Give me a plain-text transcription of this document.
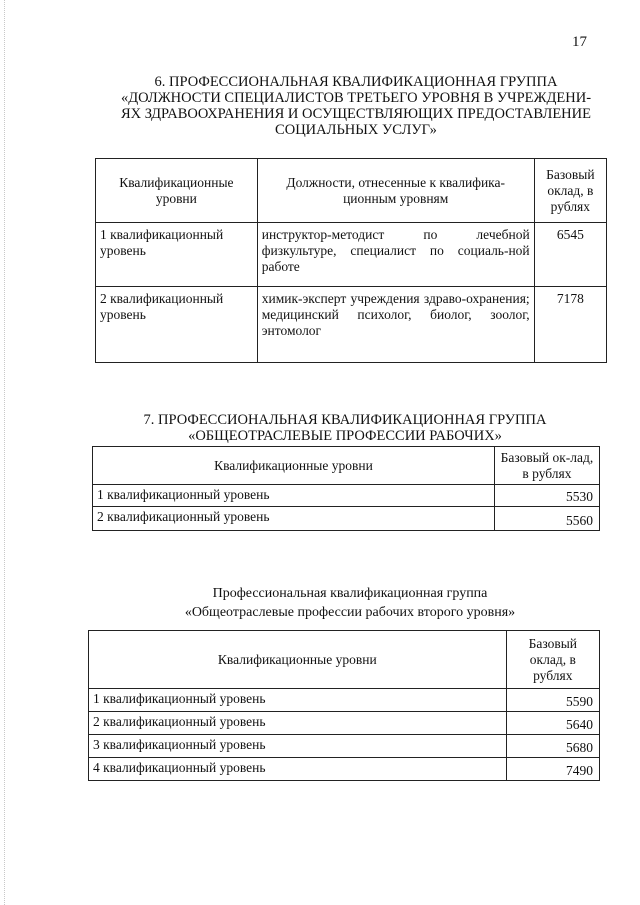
17
6. ПРОФЕССИОНАЛЬНАЯ КВАЛИФИКАЦИОННАЯ ГРУППА
«ДОЛЖНОСТИ СПЕЦИАЛИСТОВ ТРЕТЬЕГО УРОВНЯ В УЧРЕЖДЕНИ-
ЯХ ЗДРАВООХРАНЕНИЯ И ОСУЩЕСТВЛЯЮЩИХ ПРЕДОСТАВЛЕНИЕ
СОЦИАЛЬНЫХ УСЛУГ»
Квалификационные уровни	Должности, отнесенные к квалифика-ционным уровням	Базовый оклад, в рублях
1 квалификационный уровень	инструктор-методист по лечебной физкультуре, специалист по социаль-ной работе	6545
2 квалификационный уровень	химик-эксперт учреждения здраво-охранения; медицинский психолог, биолог, зоолог, энтомолог	7178
7. ПРОФЕССИОНАЛЬНАЯ КВАЛИФИКАЦИОННАЯ ГРУППА
«ОБЩЕОТРАСЛЕВЫЕ ПРОФЕССИИ РАБОЧИХ»
Квалификационные уровни	Базовый ок-лад, в рублях
1 квалификационный уровень	5530
2 квалификационный уровень	5560
Профессиональная квалификационная группа
«Общеотраслевые профессии рабочих второго уровня»
Квалификационные уровни	Базовый оклад, в рублях
1 квалификационный уровень	5590
2 квалификационный уровень	5640
3 квалификационный уровень	5680
4 квалификационный уровень	7490
